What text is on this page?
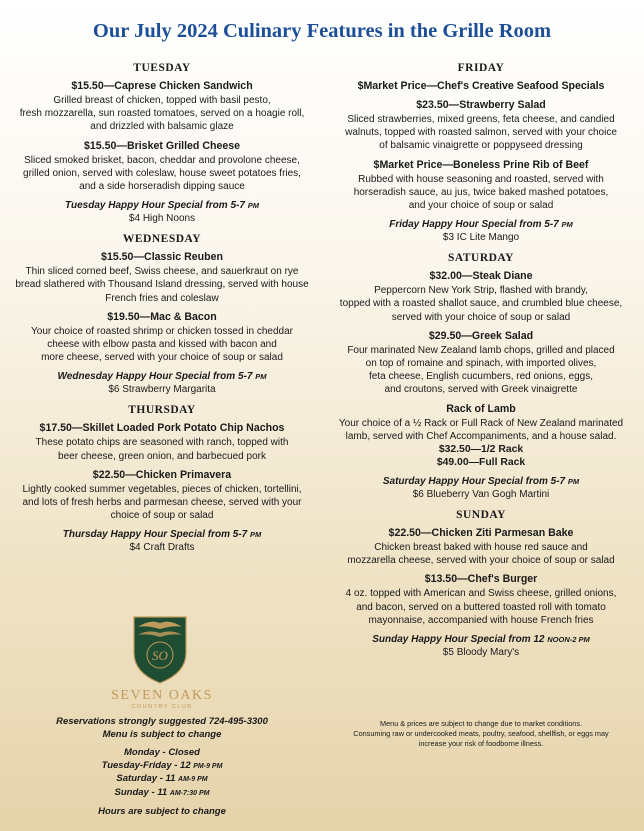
Our July 2024 Culinary Features in the Grille Room
TUESDAY
$15.50—Caprese Chicken Sandwich
Grilled breast of chicken, topped with basil pesto,
fresh mozzarella, sun roasted tomatoes, served on a hoagie roll,
and drizzled with balsamic glaze
$15.50—Brisket Grilled Cheese
Sliced smoked brisket, bacon, cheddar and provolone cheese,
grilled onion, served with coleslaw, house sweet potatoes fries,
and a side horseradish dipping sauce
Tuesday Happy Hour Special from 5-7 PM
$4 High Noons
WEDNESDAY
$15.50—Classic Reuben
Thin sliced corned beef, Swiss cheese, and sauerkraut on rye
bread slathered with Thousand Island dressing, served with house
French fries and coleslaw
$19.50—Mac & Bacon
Your choice of roasted shrimp or chicken tossed in cheddar
cheese with elbow pasta and kissed with bacon and
more cheese, served with your choice of soup or salad
Wednesday Happy Hour Special from 5-7 PM
$6 Strawberry Margarita
THURSDAY
$17.50—Skillet Loaded Pork Potato Chip Nachos
These potato chips are seasoned with ranch, topped with
beer cheese, green onion, and barbecued pork
$22.50—Chicken Primavera
Lightly cooked summer vegetables, pieces of chicken, tortellini,
and lots of fresh herbs and parmesan cheese, served with your
choice of soup or salad
Thursday Happy Hour Special from 5-7 PM
$4 Craft Drafts
FRIDAY
$Market Price—Chef's Creative Seafood Specials
$23.50—Strawberry Salad
Sliced strawberries, mixed greens, feta cheese, and candied
walnuts, topped with roasted salmon, served with your choice
of balsamic vinaigrette or poppyseed dressing
$Market Price—Boneless Prine Rib of Beef
Rubbed with house seasoning and roasted, served with
horseradish sauce, au jus, twice baked mashed potatoes,
and your choice of soup or salad
Friday Happy Hour Special from 5-7 PM
$3 IC Lite Mango
SATURDAY
$32.00—Steak Diane
Peppercorn New York Strip, flashed with brandy,
topped with a roasted shallot sauce, and crumbled blue cheese,
served with your choice of soup or salad
$29.50—Greek Salad
Four marinated New Zealand lamb chops, grilled and placed
on top of romaine and spinach, with imported olives,
feta cheese, English cucumbers, red onions, eggs,
and croutons, served with Greek vinaigrette
Rack of Lamb
Your choice of a ½ Rack or Full Rack of New Zealand marinated
lamb, served with Chef Accompaniments, and a house salad.
$32.50—1/2 Rack
$49.00—Full Rack
Saturday Happy Hour Special from 5-7 PM
$6 Blueberry Van Gogh Martini
SUNDAY
$22.50—Chicken Ziti Parmesan Bake
Chicken breast baked with house red sauce and
mozzarella cheese, served with your choice of soup or salad
$13.50—Chef's Burger
4 oz. topped with American and Swiss cheese, grilled onions,
and bacon, served on a buttered toasted roll with tomato
mayonnaise, accompanied with house French fries
Sunday Happy Hour Special from 12 NOON-2 PM
$5 Bloody Mary's
SO
SEVEN OAKS
COUNTRY CLUB
Reservations strongly suggested 724-495-3300
Menu is subject to change
Monday - Closed
Tuesday-Friday - 12 PM-9 PM
Saturday - 11 AM-9 PM
Sunday - 11 AM-7:30 PM
Hours are subject to change
Menu & prices are subject to change due to market conditions.
Consuming raw or undercooked meats, poultry, seafood, shellfish, or eggs may
increase your risk of foodborne illness.
